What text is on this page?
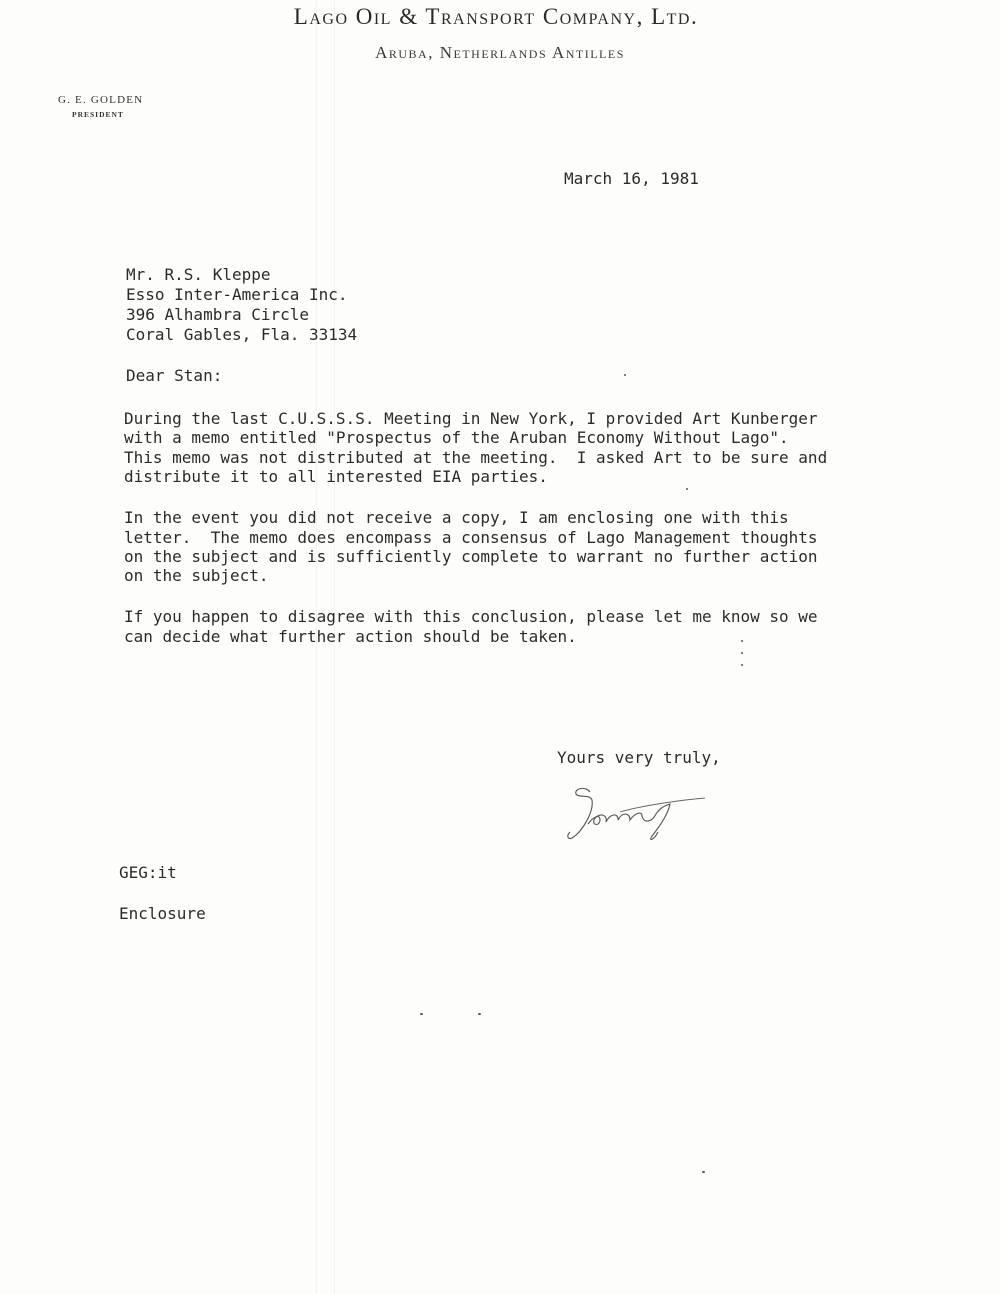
Lago Oil & Transport Company, Ltd.
Aruba, Netherlands Antilles
G. E. GOLDEN
PRESIDENT
March 16, 1981
Mr. R.S. Kleppe
Esso Inter-America Inc.
396 Alhambra Circle
Coral Gables, Fla. 33134
Dear Stan:
During the last C.U.S.S.S. Meeting in New York, I provided Art Kunberger
with a memo entitled "Prospectus of the Aruban Economy Without Lago".
This memo was not distributed at the meeting.  I asked Art to be sure and
distribute it to all interested EIA parties.
In the event you did not receive a copy, I am enclosing one with this
letter.  The memo does encompass a consensus of Lago Management thoughts
on the subject and is sufficiently complete to warrant no further action
on the subject.
If you happen to disagree with this conclusion, please let me know so we
can decide what further action should be taken.
Yours very truly,
GEG:it
Enclosure
